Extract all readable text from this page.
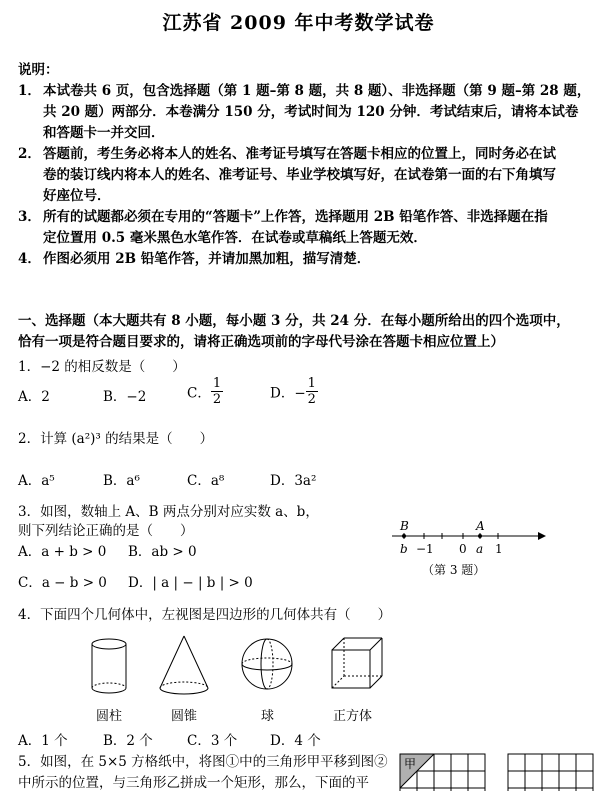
江苏省 2009 年中考数学试卷
说明：
1． 本试卷共 6 页，包含选择题（第 1 题–第 8 题，共 8 题）、非选择题（第 9 题–第 28 题，
共 20 题）两部分．本卷满分 150 分，考试时间为 120 分钟．考试结束后，请将本试卷
和答题卡一并交回．
2． 答题前，考生务必将本人的姓名、准考证号填写在答题卡相应的位置上，同时务必在试
卷的装订线内将本人的姓名、准考证号、毕业学校填写好，在试卷第一面的右下角填写
好座位号．
3． 所有的试题都必须在专用的“答题卡”上作答，选择题用 2B 铅笔作答、非选择题在指
定位置用 0.5 毫米黑色水笔作答．在试卷或草稿纸上答题无效．
4． 作图必须用 2B 铅笔作答，并请加黑加粗，描写清楚．
一、选择题（本大题共有 8 小题，每小题 3 分，共 24 分．在每小题所给出的四个选项中，
恰有一项是符合题目要求的，请将正确选项前的字母代号涂在答题卡相应位置上）
1．−2 的相反数是（　　）
A．2	B．−2	C． $\frac{1}{2}$	D．− $\frac{1}{2}$
2．计算 (a²)³ 的结果是（　　）
A．a⁵	B．a⁶	C．a⁸	D．3a²
3．如图，数轴上 A、B 两点分别对应实数 a、b，
则下列结论正确的是（　　）
A．a + b > 0 B．ab > 0
C．a − b > 0 D．| a | − | b | > 0
B	A
b −1 0 a 1
（第 3 题）
4．下面四个几何体中，左视图是四边形的几何体共有（　　）
圆柱	圆锥	球	正方体
A．1 个	B．2 个	C．3 个 D．4 个
5．如图，在 5×5 方格纸中，将图①中的三角形甲平移到图②
中所示的位置，与三角形乙拼成一个矩形，那么，下面的平
甲
